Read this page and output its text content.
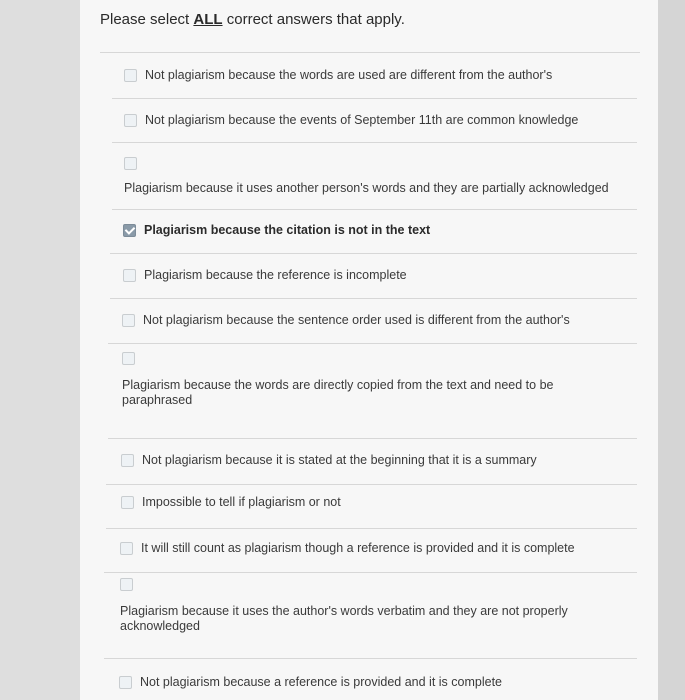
Please select ALL correct answers that apply.
Not plagiarism because the words are used are different from the author's
Not plagiarism because the events of September 11th are common knowledge
Plagiarism because it uses another person's words and they are partially acknowledged
Plagiarism because the citation is not in the text
Plagiarism because the reference is incomplete
Not plagiarism because the sentence order used is different from the author's
Plagiarism because the words are directly copied from the text and need to be paraphrased
Not plagiarism because it is stated at the beginning that it is a summary
Impossible to tell if plagiarism or not
It will still count as plagiarism though a reference is provided and it is complete
Plagiarism because it uses the author's words verbatim and they are not properly acknowledged
Not plagiarism because a reference is provided and it is complete
